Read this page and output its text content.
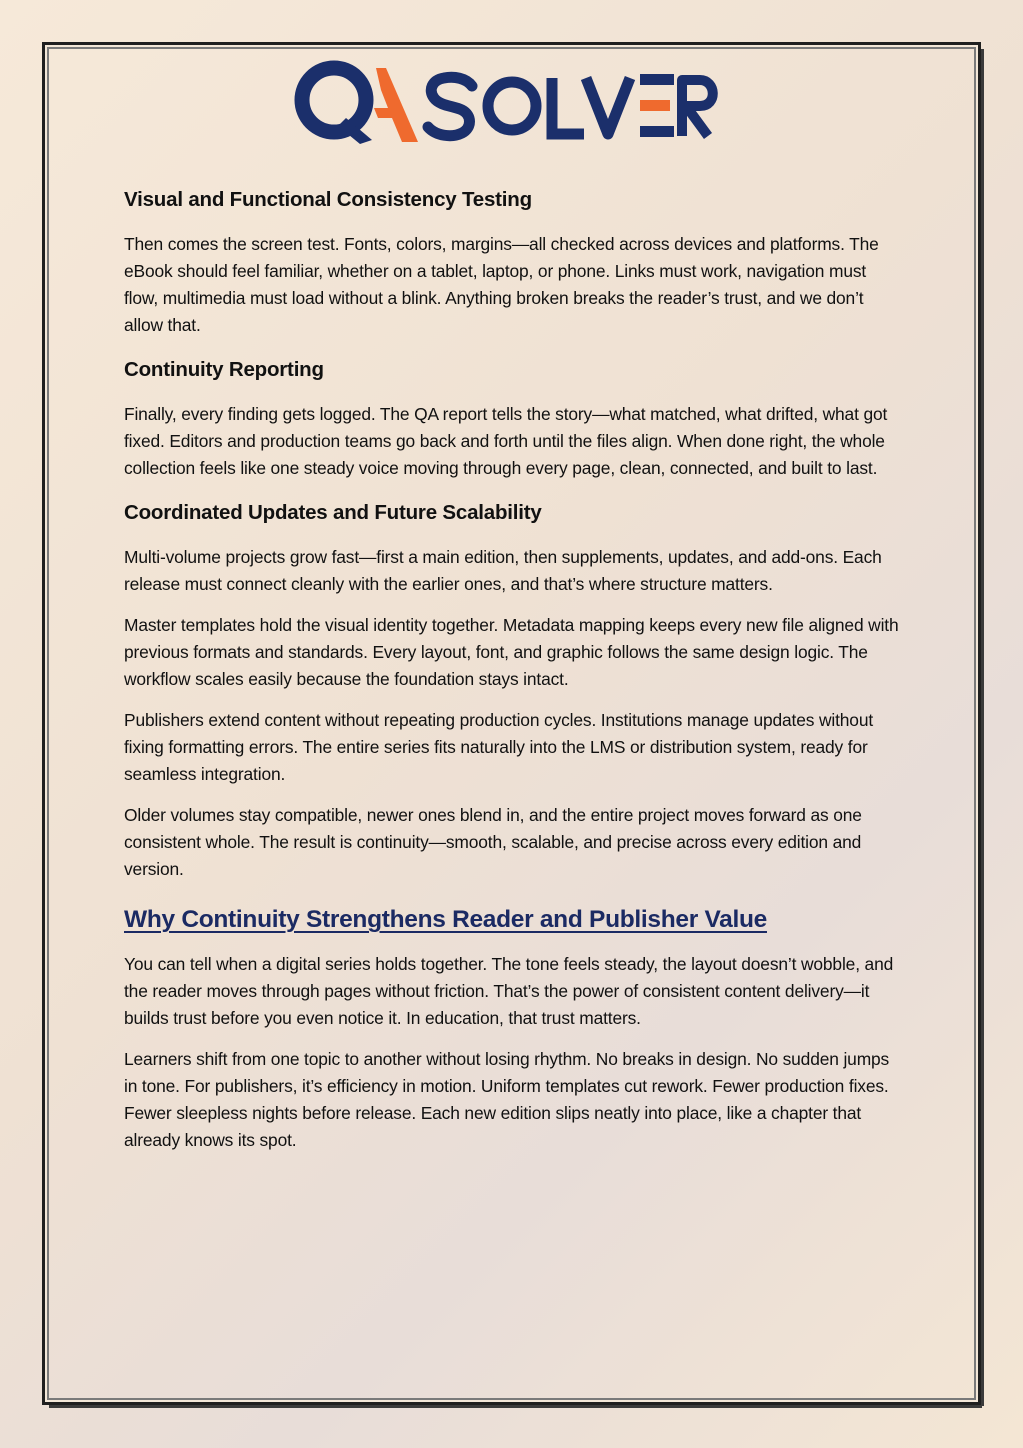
Visual and Functional Consistency Testing

Then comes the screen test. Fonts, colors, margins—all checked across devices and platforms. The eBook should feel familiar, whether on a tablet, laptop, or phone. Links must work, navigation must flow, multimedia must load without a blink. Anything broken breaks the reader’s trust, and we don’t allow that.

Continuity Reporting

Finally, every finding gets logged. The QA report tells the story—what matched, what drifted, what got fixed. Editors and production teams go back and forth until the files align. When done right, the whole collection feels like one steady voice moving through every page, clean, connected, and built to last.

Coordinated Updates and Future Scalability

Multi-volume projects grow fast—first a main edition, then supplements, updates, and add-ons. Each release must connect cleanly with the earlier ones, and that’s where structure matters.

Master templates hold the visual identity together. Metadata mapping keeps every new file aligned with previous formats and standards. Every layout, font, and graphic follows the same design logic. The workflow scales easily because the foundation stays intact.

Publishers extend content without repeating production cycles. Institutions manage updates without fixing formatting errors. The entire series fits naturally into the LMS or distribution system, ready for seamless integration.

Older volumes stay compatible, newer ones blend in, and the entire project moves forward as one consistent whole. The result is continuity—smooth, scalable, and precise across every edition and version.

Why Continuity Strengthens Reader and Publisher Value

You can tell when a digital series holds together. The tone feels steady, the layout doesn’t wobble, and the reader moves through pages without friction. That’s the power of consistent content delivery—it builds trust before you even notice it. In education, that trust matters.

Learners shift from one topic to another without losing rhythm. No breaks in design. No sudden jumps in tone. For publishers, it’s efficiency in motion. Uniform templates cut rework. Fewer production fixes. Fewer sleepless nights before release. Each new edition slips neatly into place, like a chapter that already knows its spot.
